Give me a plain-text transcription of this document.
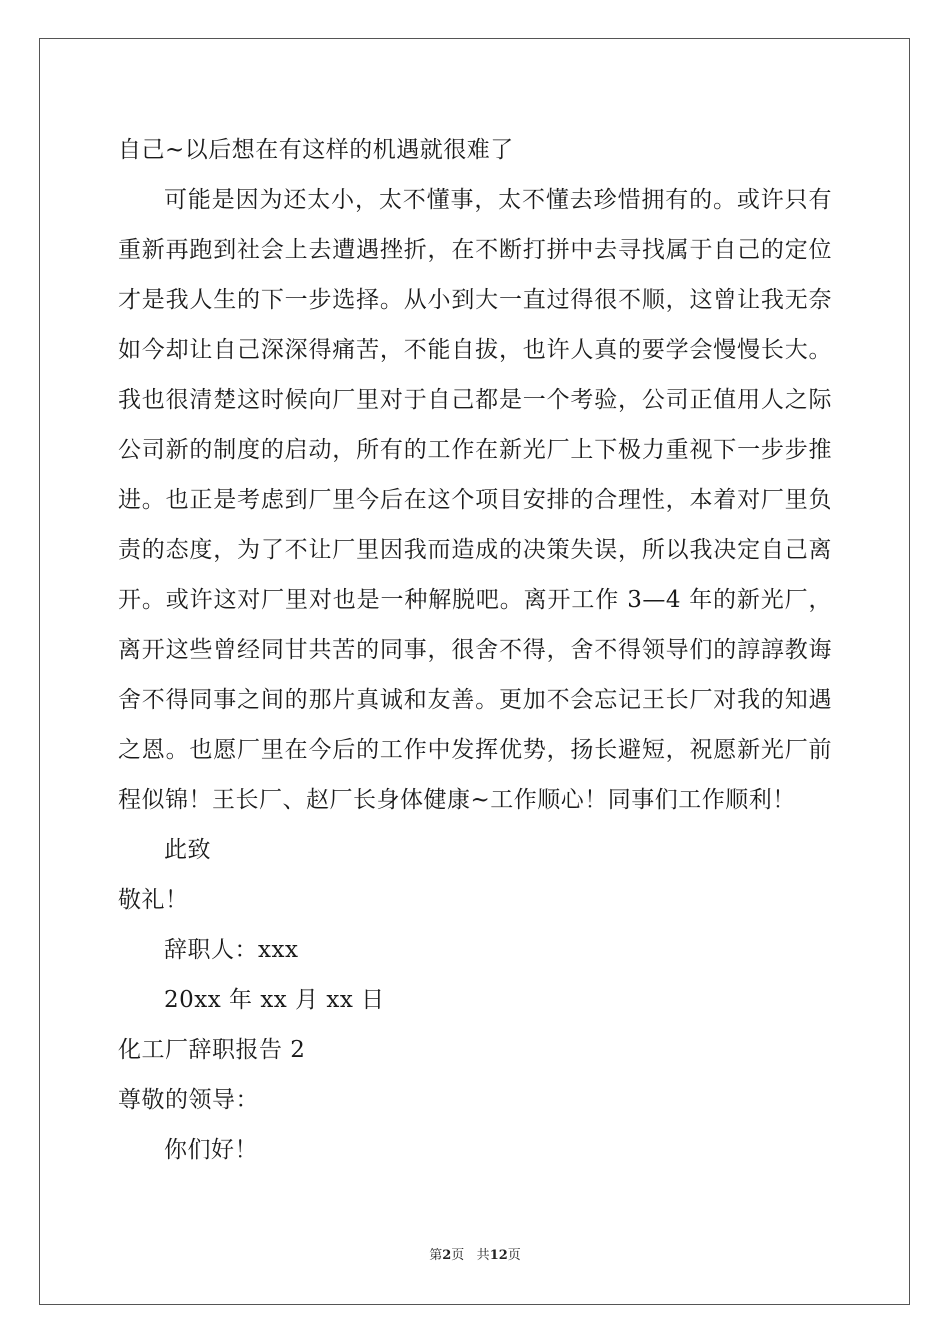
自己~以后想在有这样的机遇就很难了
可能是因为还太小，太不懂事，太不懂去珍惜拥有的。或许只有
重新再跑到社会上去遭遇挫折，在不断打拼中去寻找属于自己的定位
才是我人生的下一步选择。从小到大一直过得很不顺，这曾让我无奈
如今却让自己深深得痛苦，不能自拔，也许人真的要学会慢慢长大。
我也很清楚这时候向厂里对于自己都是一个考验，公司正值用人之际
公司新的制度的启动，所有的工作在新光厂上下极力重视下一步步推
进。也正是考虑到厂里今后在这个项目安排的合理性，本着对厂里负
责的态度，为了不让厂里因我而造成的决策失误，所以我决定自己离
开。或许这对厂里对也是一种解脱吧。离开工作 3—4 年的新光厂，
离开这些曾经同甘共苦的同事，很舍不得，舍不得领导们的諄諄教诲
舍不得同事之间的那片真诚和友善。更加不会忘记王长厂对我的知遇
之恩。也愿厂里在今后的工作中发挥优势，扬长避短，祝愿新光厂前
程似锦！王长厂、赵厂长身体健康~工作顺心！同事们工作顺利！
此致
敬礼！
辞职人：xxx
20xx 年 xx 月 xx 日
化工厂辞职报告 2
尊敬的领导：
你们好！
第2页 共12页
